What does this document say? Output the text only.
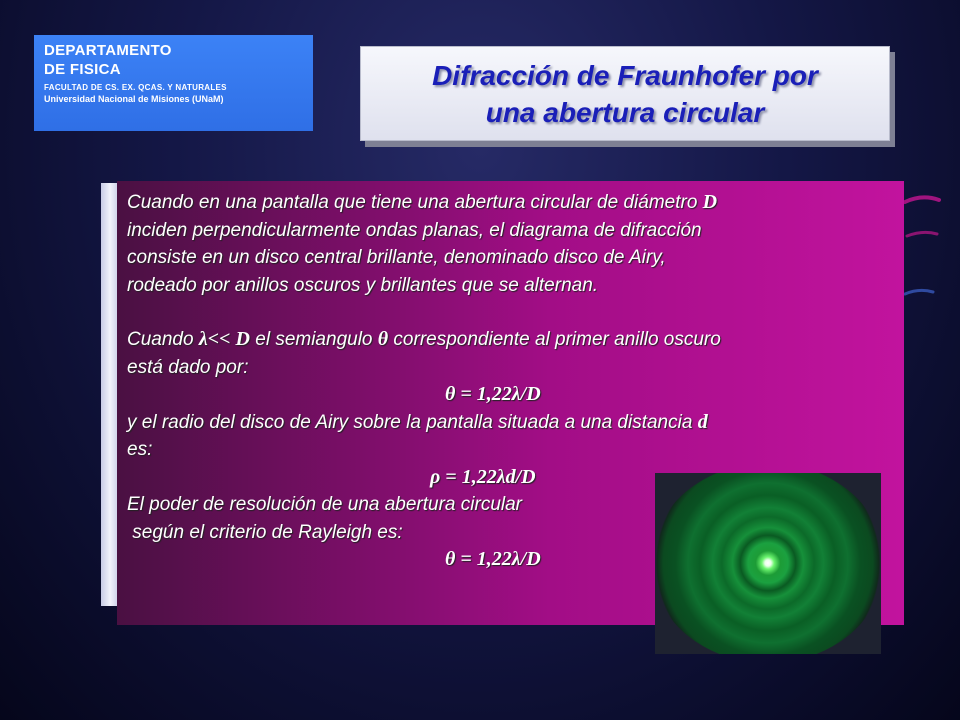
DEPARTAMENTO
DE FISICA
FACULTAD DE CS. EX. QCAS. Y NATURALES
Universidad Nacional de Misiones (UNaM)
Difracción de Fraunhofer por
una abertura circular

Cuando en una pantalla que tiene una abertura circular de diámetro D

inciden perpendicularmente ondas planas, el diagrama de difracción

consiste en un disco central brillante, denominado disco de Airy,

rodeado por anillos oscuros y brillantes que se alternan.

Cuando λ<< D el semiangulo θ correspondiente al primer anillo oscuro

está dado por:

θ = 1,22λ/D

y el radio del disco de Airy sobre la pantalla situada a una distancia d

es:

ρ = 1,22λd/D

El poder de resolución de una abertura circular

según el criterio de Rayleigh es:

θ = 1,22λ/D
